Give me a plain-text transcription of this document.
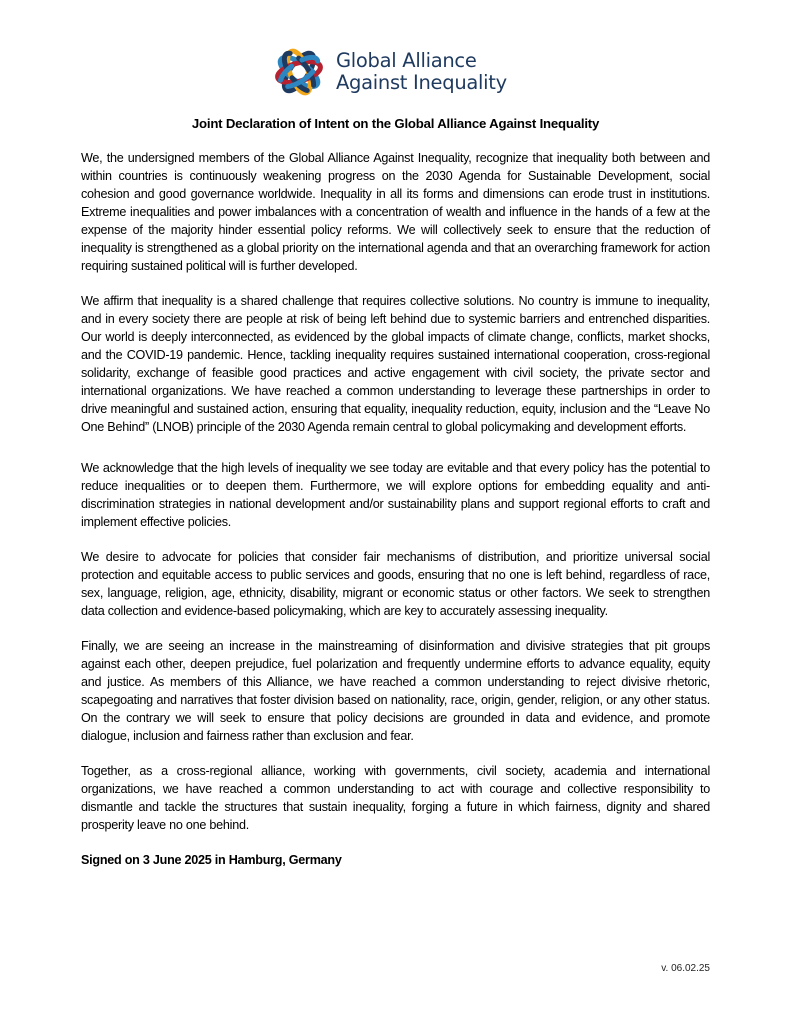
Global Alliance
Against Inequality
Joint Declaration of Intent on the Global Alliance Against Inequality

We, the undersigned members of the Global Alliance Against Inequality, recognize that inequality both between and within countries is continuously weakening progress on the 2030 Agenda for Sustainable Development, social cohesion and good governance worldwide. Inequality in all its forms and dimensions can erode trust in institutions. Extreme inequalities and power imbalances with a concentration of wealth and influence in the hands of a few at the expense of the majority hinder essential policy reforms. We will collectively seek to ensure that the reduction of inequality is strengthened as a global priority on the international agenda and that an overarching framework for action requiring sustained political will is further developed.

We affirm that inequality is a shared challenge that requires collective solutions. No country is immune to inequality, and in every society there are people at risk of being left behind due to systemic barriers and entrenched disparities. Our world is deeply interconnected, as evidenced by the global impacts of climate change, conflicts, market shocks, and the COVID-19 pandemic. Hence, tackling inequality requires sustained international cooperation, cross-regional solidarity, exchange of feasible good practices and active engagement with civil society, the private sector and international organizations. We have reached a common understanding to leverage these partnerships in order to drive meaningful and sustained action, ensuring that equality, inequality reduction, equity, inclusion and the “Leave No One Behind” (LNOB) principle of the 2030 Agenda remain central to global policymaking and development efforts.

We acknowledge that the high levels of inequality we see today are evitable and that every policy has the potential to reduce inequalities or to deepen them. Furthermore, we will explore options for embedding equality and anti-discrimination strategies in national development and/or sustainability plans and support regional efforts to craft and implement effective policies.

We desire to advocate for policies that consider fair mechanisms of distribution, and prioritize universal social protection and equitable access to public services and goods, ensuring that no one is left behind, regardless of race, sex, language, religion, age, ethnicity, disability, migrant or economic status or other factors. We seek to strengthen data collection and evidence-based policymaking, which are key to accurately assessing inequality.

Finally, we are seeing an increase in the mainstreaming of disinformation and divisive strategies that pit groups against each other, deepen prejudice, fuel polarization and frequently undermine efforts to advance equality, equity and justice. As members of this Alliance, we have reached a common understanding to reject divisive rhetoric, scapegoating and narratives that foster division based on nationality, race, origin, gender, religion, or any other status. On the contrary we will seek to ensure that policy decisions are grounded in data and evidence, and promote dialogue, inclusion and fairness rather than exclusion and fear.

Together, as a cross-regional alliance, working with governments, civil society, academia and international organizations, we have reached a common understanding to act with courage and collective responsibility to dismantle and tackle the structures that sustain inequality, forging a future in which fairness, dignity and shared prosperity leave no one behind.

Signed on 3 June 2025 in Hamburg, Germany

v. 06.02.25
